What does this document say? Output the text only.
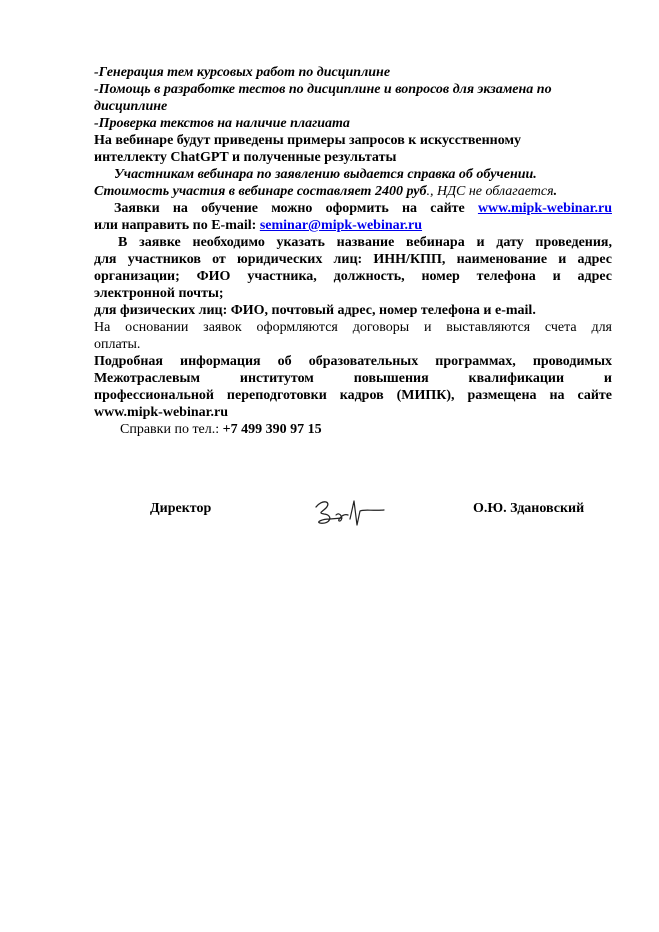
-Генерация тем курсовых работ по дисциплине
-Помощь в разработке тестов по дисциплине и вопросов для экзамена по
дисциплине
-Проверка текстов на наличие плагиата
На вебинаре будут приведены примеры запросов к искусственному
интеллекту ChatGPT и полученные результаты
Участникам вебинара по заявлению выдается справка об обучении.
Стоимость участия в вебинаре составляет 2400 руб., НДС не облагается.
Заявки на обучение можно оформить на сайте www.mipk-webinar.ru
или направить по E-mail: seminar@mipk-webinar.ru
В заявке необходимо указать название вебинара и дату проведения,
для участников от юридических лиц: ИНН/КПП, наименование и адрес
организации; ФИО участника, должность, номер телефона и адрес
электронной почты;
для физических лиц: ФИО, почтовый адрес, номер телефона и e-mail.
На основании заявок оформляются договоры и выставляются счета для
оплаты.
Подробная информация об образовательных программах, проводимых
Межотраслевым институтом повышения квалификации и
профессиональной переподготовки кадров (МИПК), размещена на сайте
www.mipk-webinar.ru
Справки по тел.: +7 499 390 97 15
Директор	О.Ю. Здановский
